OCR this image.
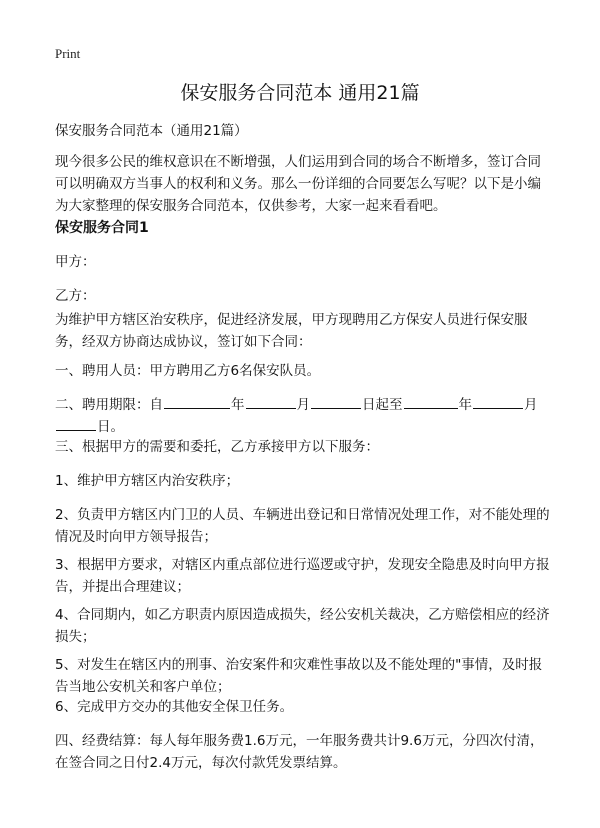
Print
保安服务合同范本 通用21篇

保安服务合同范本（通用21篇）

现今很多公民的维权意识在不断增强，人们运用到合同的场合不断增多，签订合同可以明确双方当事人的权利和义务。那么一份详细的合同要怎么写呢？以下是小编为大家整理的保安服务合同范本，仅供参考，大家一起来看看吧。

保安服务合同1

甲方：

乙方：

为维护甲方辖区治安秩序，促进经济发展，甲方现聘用乙方保安人员进行保安服务，经双方协商达成协议，签订如下合同：

一、聘用人员：甲方聘用乙方6名保安队员。

二、聘用期限：自	年	月	日起至	年	月
日。

三、根据甲方的需要和委托，乙方承接甲方以下服务：

1、维护甲方辖区内治安秩序；

2、负责甲方辖区内门卫的人员、车辆进出登记和日常情况处理工作，对不能处理的情况及时向甲方领导报告；

3、根据甲方要求，对辖区内重点部位进行巡逻或守护，发现安全隐患及时向甲方报告，并提出合理建议；

4、合同期内，如乙方职责内原因造成损失，经公安机关裁决，乙方赔偿相应的经济损失；

5、对发生在辖区内的刑事、治安案件和灾难性事故以及不能处理的"事情，及时报告当地公安机关和客户单位；

6、完成甲方交办的其他安全保卫任务。

四、经费结算：每人每年服务费1.6万元，一年服务费共计9.6万元，分四次付清，在签合同之日付2.4万元，每次付款凭发票结算。
